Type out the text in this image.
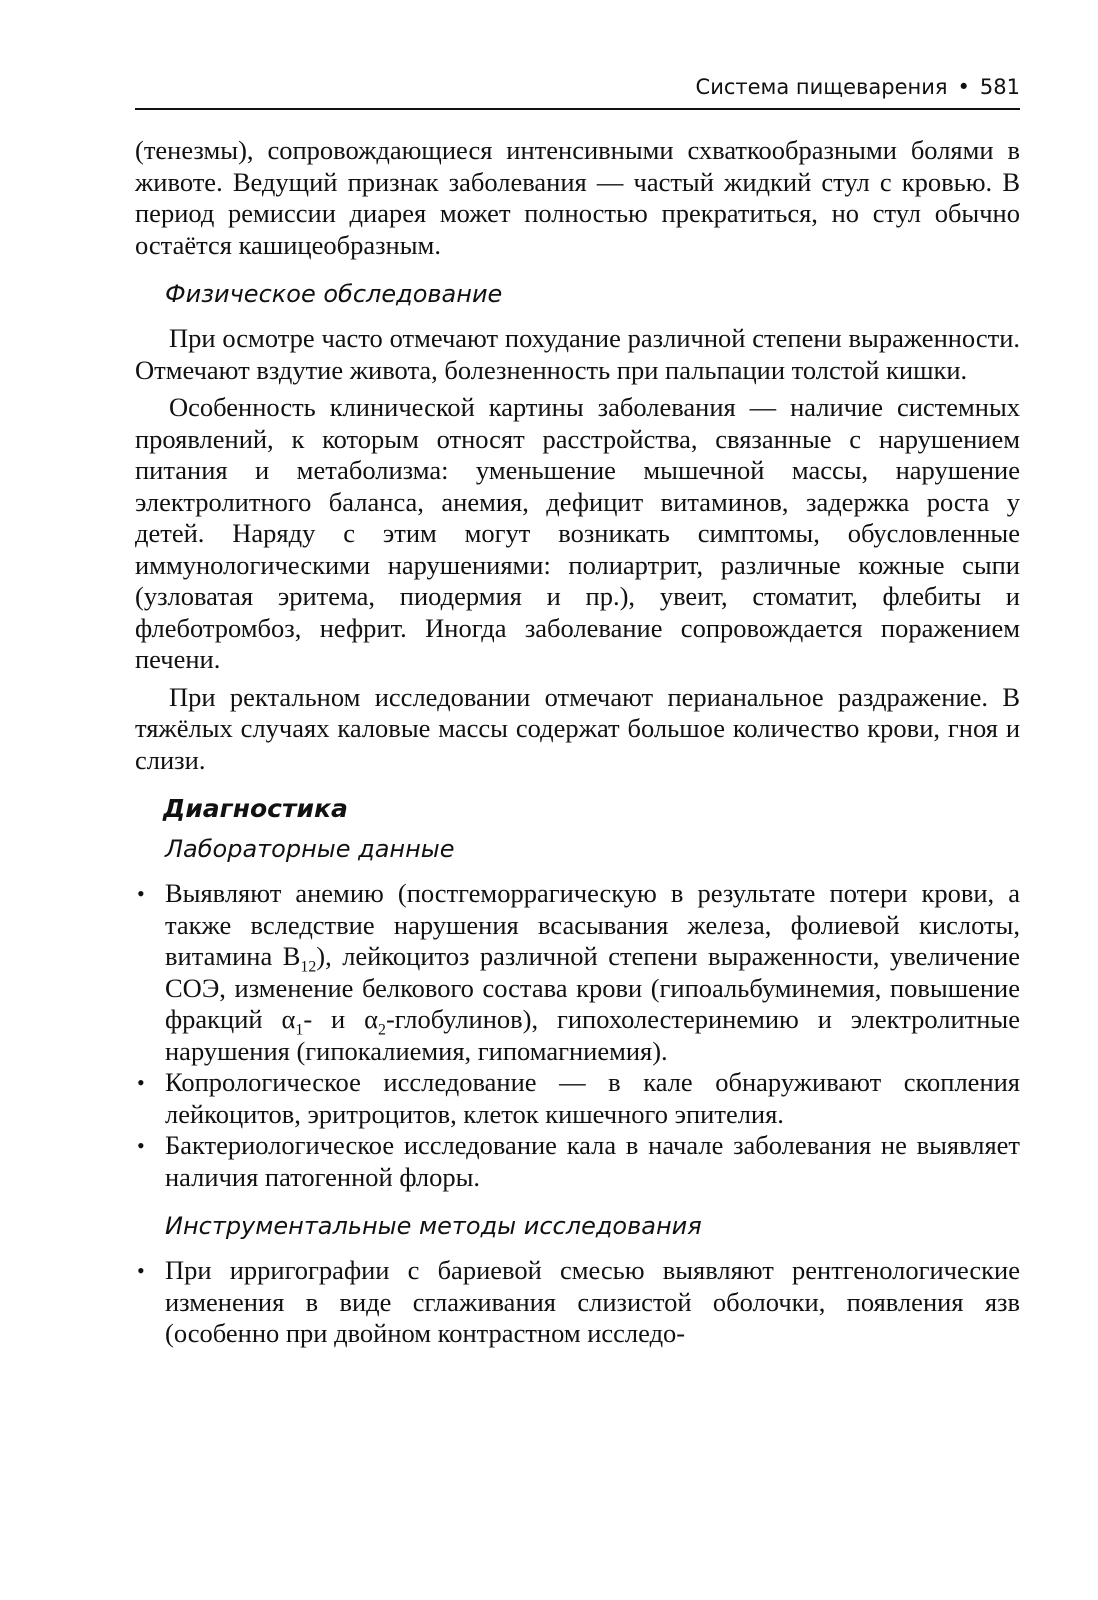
Система пищеварения • 581

(тенезмы), сопровождающиеся интенсивными схваткообразными болями в животе. Ведущий признак заболевания — частый жидкий стул с кровью. В период ремиссии диарея может полностью прекратиться, но стул обычно остаётся кашицеобразным.

Физическое обследование

При осмотре часто отмечают похудание различной степени выраженности. Отмечают вздутие живота, болезненность при пальпации толстой кишки.

Особенность клинической картины заболевания — наличие системных проявлений, к которым относят расстройства, связанные с нарушением питания и метаболизма: уменьшение мышечной массы, нарушение электролитного баланса, анемия, дефицит витаминов, задержка роста у детей. Наряду с этим могут возникать симптомы, обусловленные иммунологическими нарушениями: полиартрит, различные кожные сыпи (узловатая эритема, пиодермия и пр.), увеит, стоматит, флебиты и флеботромбоз, нефрит. Иногда заболевание сопровождается поражением печени.

При ректальном исследовании отмечают перианальное раздражение. В тяжёлых случаях каловые массы содержат большое количество крови, гноя и слизи.

Диагностика
Лабораторные данные
• Выявляют анемию (постгеморрагическую в результате потери крови, а также вследствие нарушения всасывания железа, фолиевой кислоты, витамина $В_{12}$), лейкоцитоз различной степени выраженности, увеличение СОЭ, изменение белкового состава крови (гипоальбуминемия, повышение фракций $\alpha_1-$ и $\alpha_2-глобулинов$), гипохолестеринемию и электролитные нарушения (гипокалиемия, гипомагниемия).
• Копрологическое исследование — в кале обнаруживают скопления лейкоцитов, эритроцитов, клеток кишечного эпителия.
• Бактериологическое исследование кала в начале заболевания не выявляет наличия патогенной флоры.
Инструментальные методы исследования
• При ирригографии с бариевой смесью выявляют рентгенологические изменения в виде сглаживания слизистой оболочки, появления язв (особенно при двойном контрастном исследо-
